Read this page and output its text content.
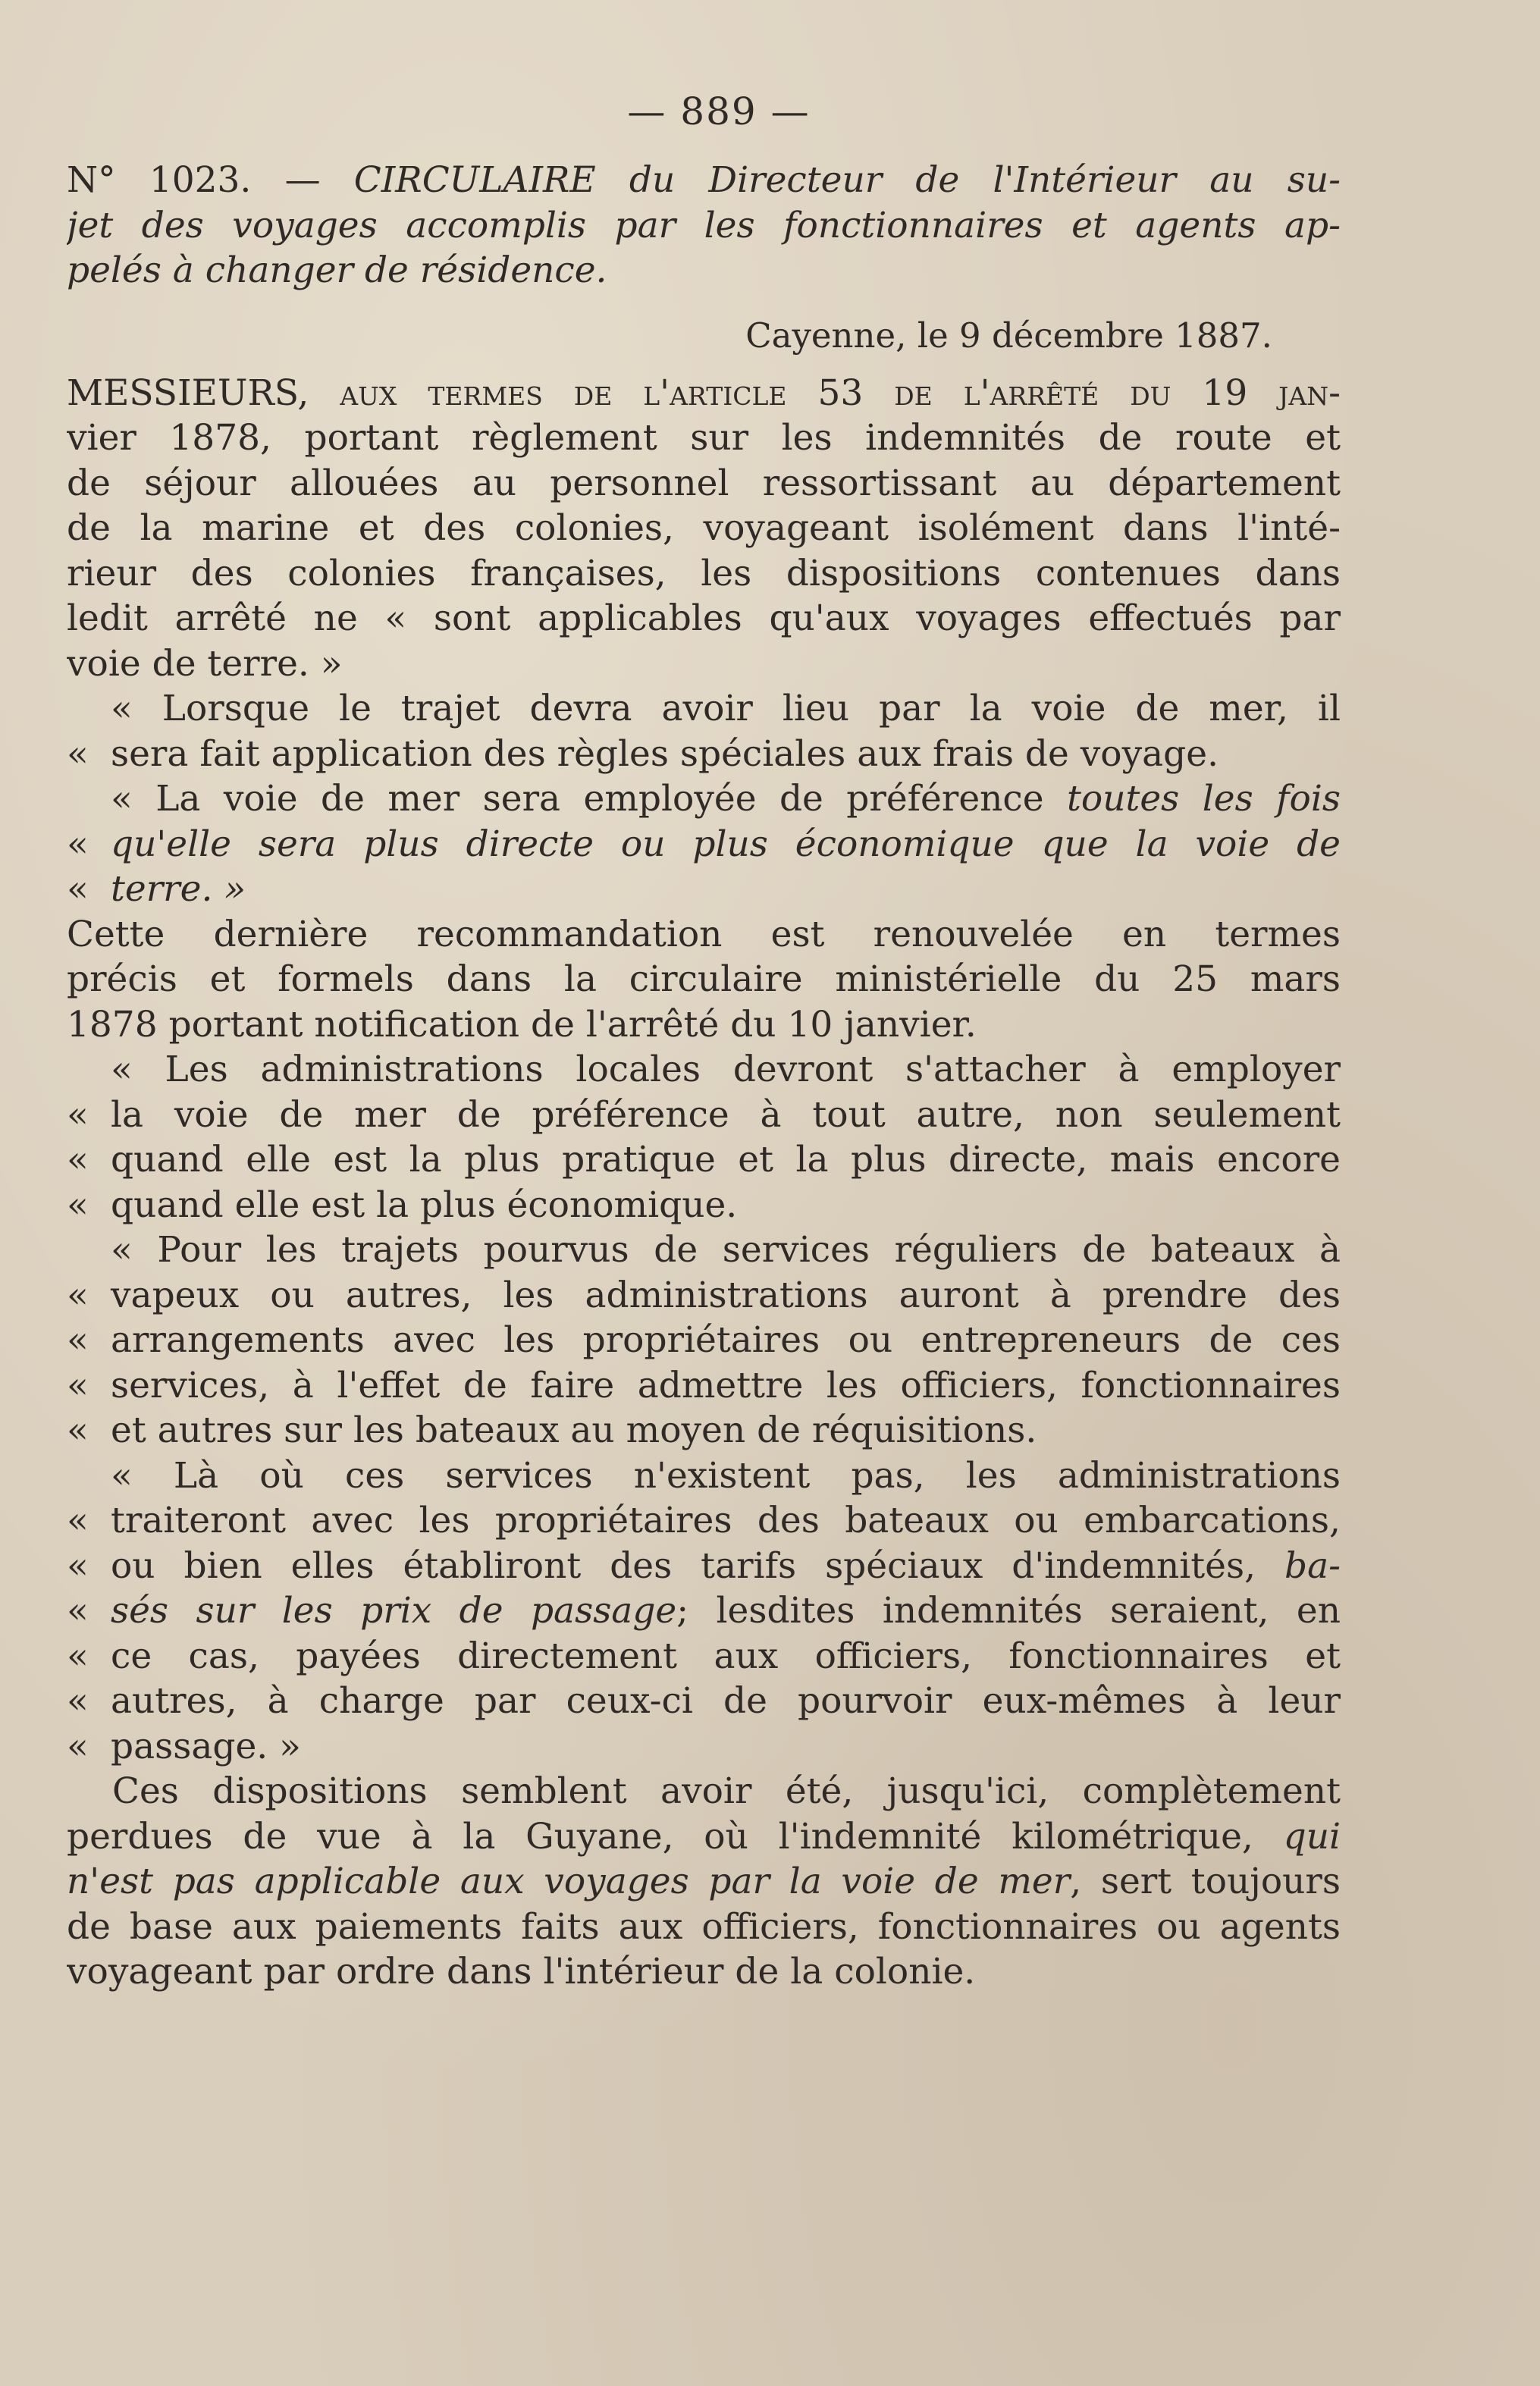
— 889 —
N° 1023. — CIRCULAIRE du Directeur de l'Intérieur au su-
jet des voyages accomplis par les fonctionnaires et agents ap-
pelés à changer de résidence.
Cayenne, le 9 décembre 1887.
MESSIEURS, aux termes de l'article 53 de l'arrêté du 19 jan-
vier 1878, portant règlement sur les indemnités de route et
de séjour allouées au personnel ressortissant au département
de la marine et des colonies, voyageant isolément dans l'inté-
rieur des colonies françaises, les dispositions contenues dans
ledit arrêté ne « sont applicables qu'aux voyages effectués par
voie de terre. »
« Lorsque le trajet devra avoir lieu par la voie de mer, il
« sera fait application des règles spéciales aux frais de voyage.
« La voie de mer sera employée de préférence toutes les fois
« qu'elle sera plus directe ou plus économique que la voie de
« terre. »
Cette dernière recommandation est renouvelée en termes
précis et formels dans la circulaire ministérielle du 25 mars
1878 portant notification de l'arrêté du 10 janvier.
« Les administrations locales devront s'attacher à employer
« la voie de mer de préférence à tout autre, non seulement
« quand elle est la plus pratique et la plus directe, mais encore
« quand elle est la plus économique.
« Pour les trajets pourvus de services réguliers de bateaux à
« vapeux ou autres, les administrations auront à prendre des
« arrangements avec les propriétaires ou entrepreneurs de ces
« services, à l'effet de faire admettre les officiers, fonctionnaires
« et autres sur les bateaux au moyen de réquisitions.
« Là où ces services n'existent pas, les administrations
« traiteront avec les propriétaires des bateaux ou embarcations,
« ou bien elles établiront des tarifs spéciaux d'indemnités, ba-
« sés sur les prix de passage; lesdites indemnités seraient, en
« ce cas, payées directement aux officiers, fonctionnaires et
« autres, à charge par ceux-ci de pourvoir eux-mêmes à leur
« passage. »
Ces dispositions semblent avoir été, jusqu'ici, complètement
perdues de vue à la Guyane, où l'indemnité kilométrique, qui
n'est pas applicable aux voyages par la voie de mer, sert toujours
de base aux paiements faits aux officiers, fonctionnaires ou agents
voyageant par ordre dans l'intérieur de la colonie.
